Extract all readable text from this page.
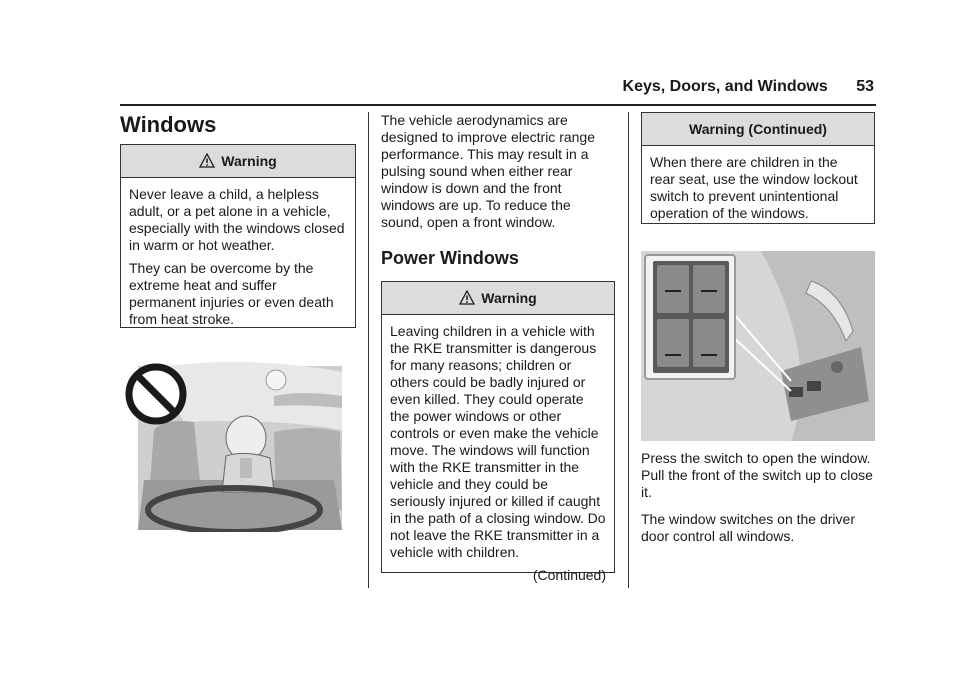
Keys, Doors, and Windows 53
Windows
Warning

Never leave a child, a helpless adult, or a pet alone in a vehicle, especially with the windows closed in warm or hot weather.

They can be overcome by the extreme heat and suffer permanent injuries or even death from heat stroke.

The vehicle aerodynamics are designed to improve electric range performance. This may result in a pulsing sound when either rear window is down and the front windows are up. To reduce the sound, open a front window.

Power Windows
Warning

Leaving children in a vehicle with the RKE transmitter is dangerous for many reasons; children or others could be badly injured or even killed. They could operate the power windows or other controls or even make the vehicle move. The windows will function with the RKE transmitter in the vehicle and they could be seriously injured or killed if caught in the path of a closing window. Do not leave the RKE transmitter in a vehicle with children.

(Continued)

Warning (Continued)

When there are children in the rear seat, use the window lockout switch to prevent unintentional operation of the windows.

Press the switch to open the window. Pull the front of the switch up to close it.

The window switches on the driver door control all windows.
